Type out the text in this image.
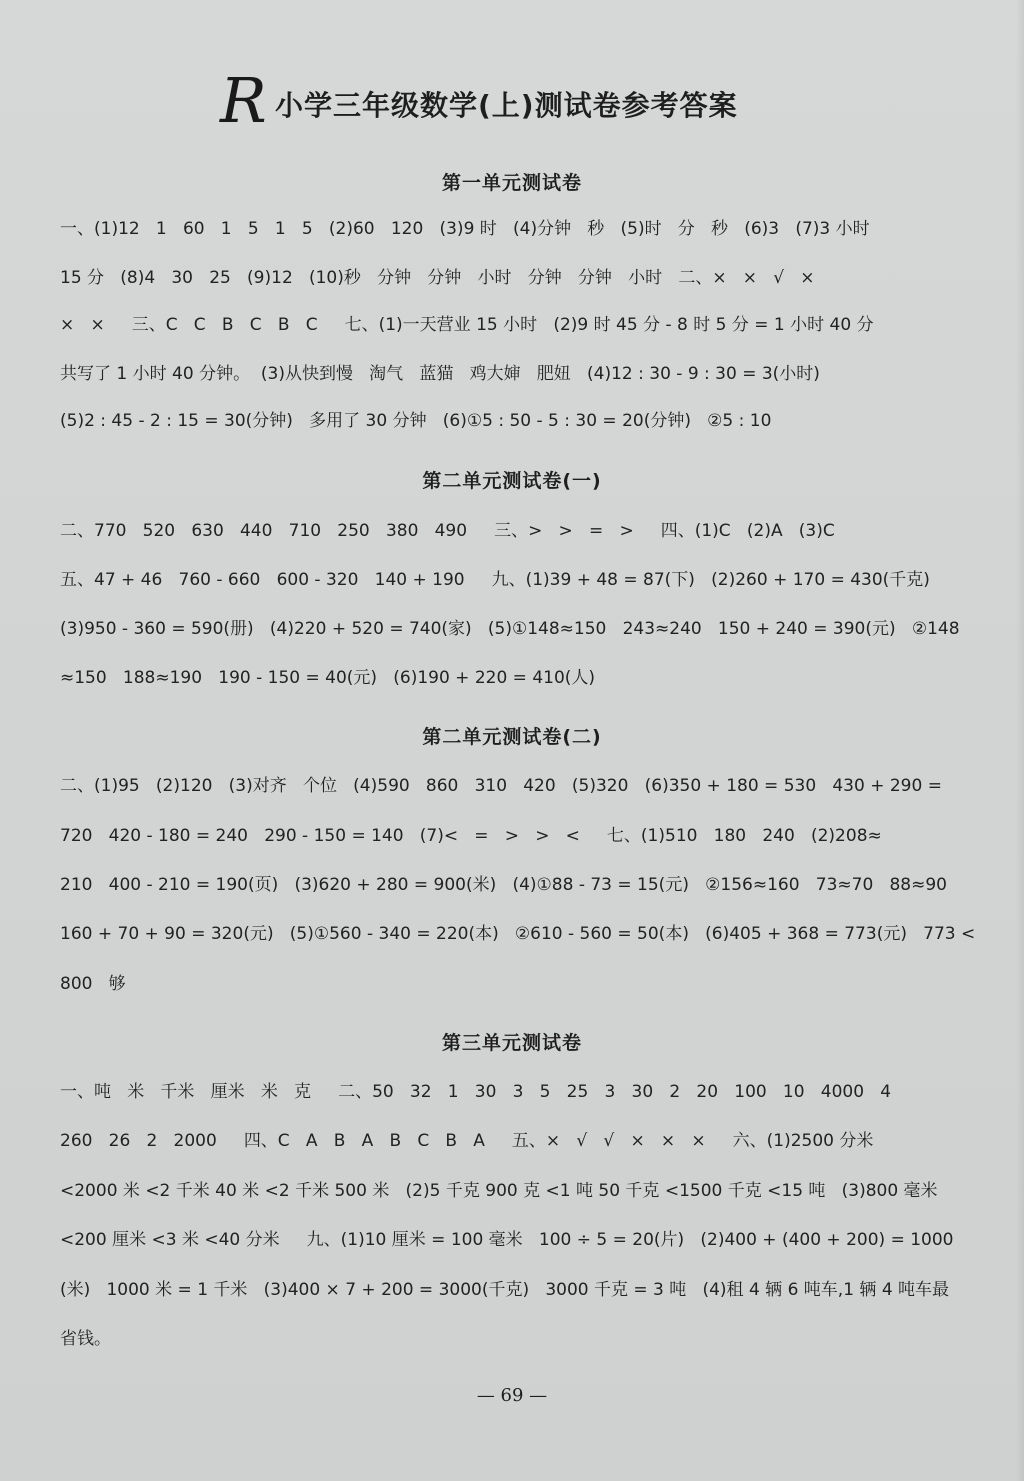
R 小学三年级数学(上)测试卷参考答案
第一单元测试卷
一、(1)12   1   60   1   5   1   5   (2)60   120   (3)9 时   (4)分钟   秒   (5)时   分   秒   (6)3   (7)3 小时
15 分   (8)4   30   25   (9)12   (10)秒   分钟   分钟   小时   分钟   分钟   小时   二、×   ×   √   ×
×   ×     三、C   C   B   C   B   C     七、(1)一天营业 15 小时   (2)9 时 45 分 - 8 时 5 分 = 1 小时 40 分
共写了 1 小时 40 分钟。  (3)从快到慢   淘气   蓝猫   鸡大婶   肥妞   (4)12 : 30 - 9 : 30 = 3(小时)
(5)2 : 45 - 2 : 15 = 30(分钟)   多用了 30 分钟   (6)①5 : 50 - 5 : 30 = 20(分钟)   ②5 : 10
第二单元测试卷(一)
二、770   520   630   440   710   250   380   490     三、>   >   =   >     四、(1)C   (2)A   (3)C
五、47 + 46   760 - 660   600 - 320   140 + 190     九、(1)39 + 48 = 87(下)   (2)260 + 170 = 430(千克)
(3)950 - 360 = 590(册)   (4)220 + 520 = 740(家)   (5)①148≈150   243≈240   150 + 240 = 390(元)   ②148
≈150   188≈190   190 - 150 = 40(元)   (6)190 + 220 = 410(人)
第二单元测试卷(二)
二、(1)95   (2)120   (3)对齐   个位   (4)590   860   310   420   (5)320   (6)350 + 180 = 530   430 + 290 =
720   420 - 180 = 240   290 - 150 = 140   (7)<   =   >   >   <     七、(1)510   180   240   (2)208≈
210   400 - 210 = 190(页)   (3)620 + 280 = 900(米)   (4)①88 - 73 = 15(元)   ②156≈160   73≈70   88≈90
160 + 70 + 90 = 320(元)   (5)①560 - 340 = 220(本)   ②610 - 560 = 50(本)   (6)405 + 368 = 773(元)   773 <
800   够
第三单元测试卷
一、吨   米   千米   厘米   米   克     二、50   32   1   30   3   5   25   3   30   2   20   100   10   4000   4
260   26   2   2000     四、C   A   B   A   B   C   B   A     五、×   √   √   ×   ×   ×     六、(1)2500 分米
<2000 米 <2 千米 40 米 <2 千米 500 米   (2)5 千克 900 克 <1 吨 50 千克 <1500 千克 <15 吨   (3)800 毫米
<200 厘米 <3 米 <40 分米     九、(1)10 厘米 = 100 毫米   100 ÷ 5 = 20(片)   (2)400 + (400 + 200) = 1000
(米)   1000 米 = 1 千米   (3)400 × 7 + 200 = 3000(千克)   3000 千克 = 3 吨   (4)租 4 辆 6 吨车,1 辆 4 吨车最
省钱。
— 69 —
